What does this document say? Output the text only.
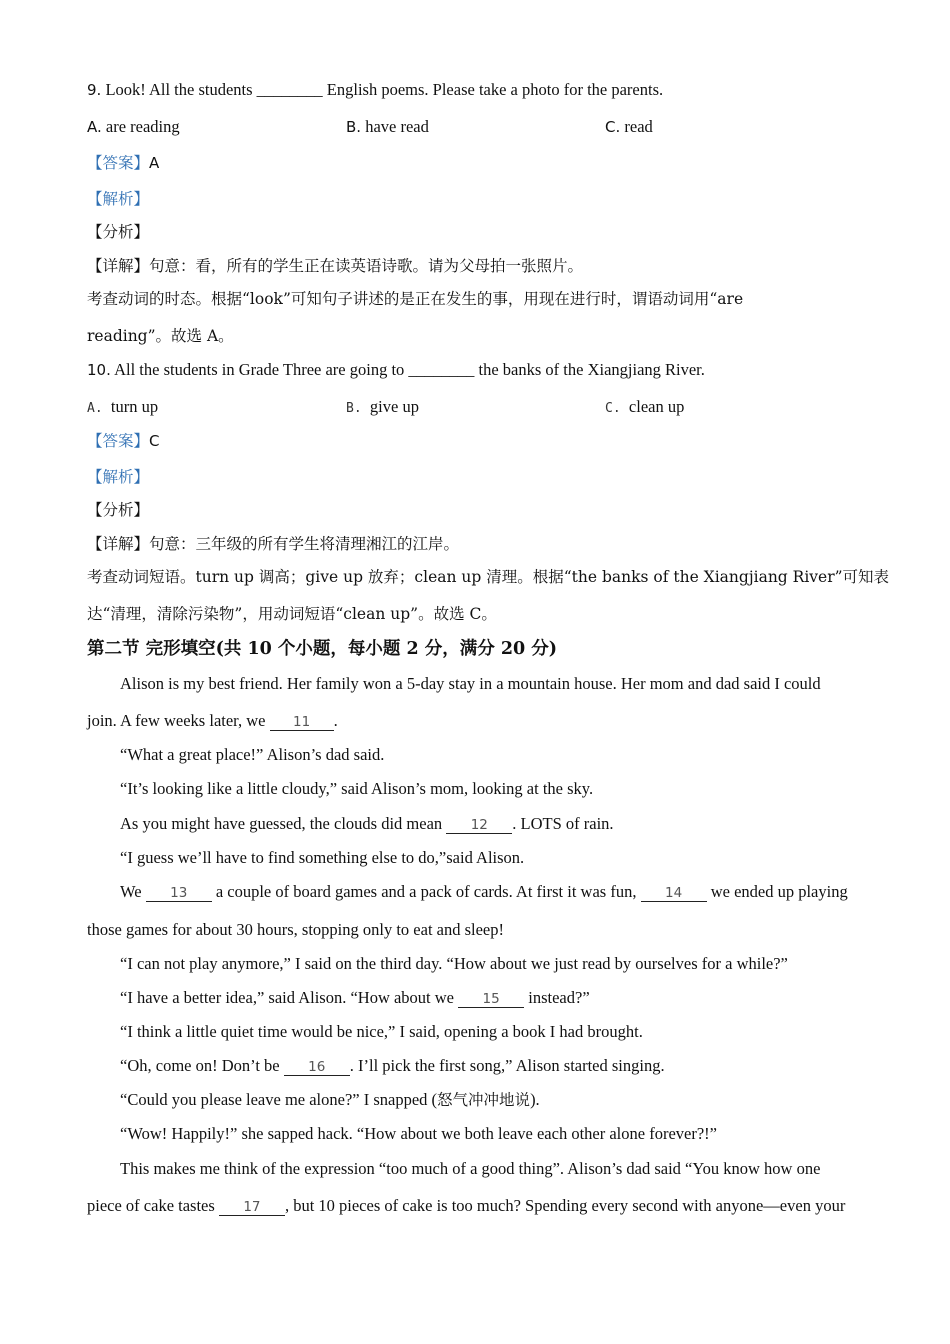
9. Look! All the students ________ English poems. Please take a photo for the parents.
A. are reading	B. have read	C. read
【答案】A
【解析】
【分析】
【详解】句意：看，所有的学生正在读英语诗歌。请为父母拍一张照片。
考查动词的时态。根据“look”可知句子讲述的是正在发生的事，用现在进行时，谓语动词用“are
reading”。故选 A。
10. All the students in Grade Three are going to ________ the banks of the Xiangjiang River.
A. turn up	B. give up	C. clean up
【答案】C
【解析】
【分析】
【详解】句意：三年级的所有学生将清理湘江的江岸。
考查动词短语。turn up 调高；give up 放弃；clean up 清理。根据“the banks of the Xiangjiang River”可知表
达“清理，清除污染物”，用动词短语“clean up”。故选 C。
第二节 完形填空(共 10 个小题，每小题 2 分，满分 20 分)
Alison is my best friend. Her family won a 5-day stay in a mountain house. Her mom and dad said I could
join. A few weeks later, we 11 .
“What a great place!” Alison’s dad said.
“It’s looking like a little cloudy,” said Alison’s mom, looking at the sky.
As you might have guessed, the clouds did mean 12 . LOTS of rain.
“I guess we’ll have to find something else to do,”said Alison.
We 13 a couple of board games and a pack of cards. At first it was fun, 14 we ended up playing
those games for about 30 hours, stopping only to eat and sleep!
“I can not play anymore,” I said on the third day. “How about we just read by ourselves for a while?”
“I have a better idea,” said Alison. “How about we 15 instead?”
“I think a little quiet time would be nice,” I said, opening a book I had brought.
“Oh, come on! Don’t be 16 . I’ll pick the first song,” Alison started singing.
“Could you please leave me alone?” I snapped (怒气冲冲地说).
“Wow! Happily!” she sapped hack. “How about we both leave each other alone forever?!”
This makes me think of the expression “too much of a good thing”. Alison’s dad said “You know how one
piece of cake tastes 17 , but 10 pieces of cake is too much? Spending every second with anyone—even your
